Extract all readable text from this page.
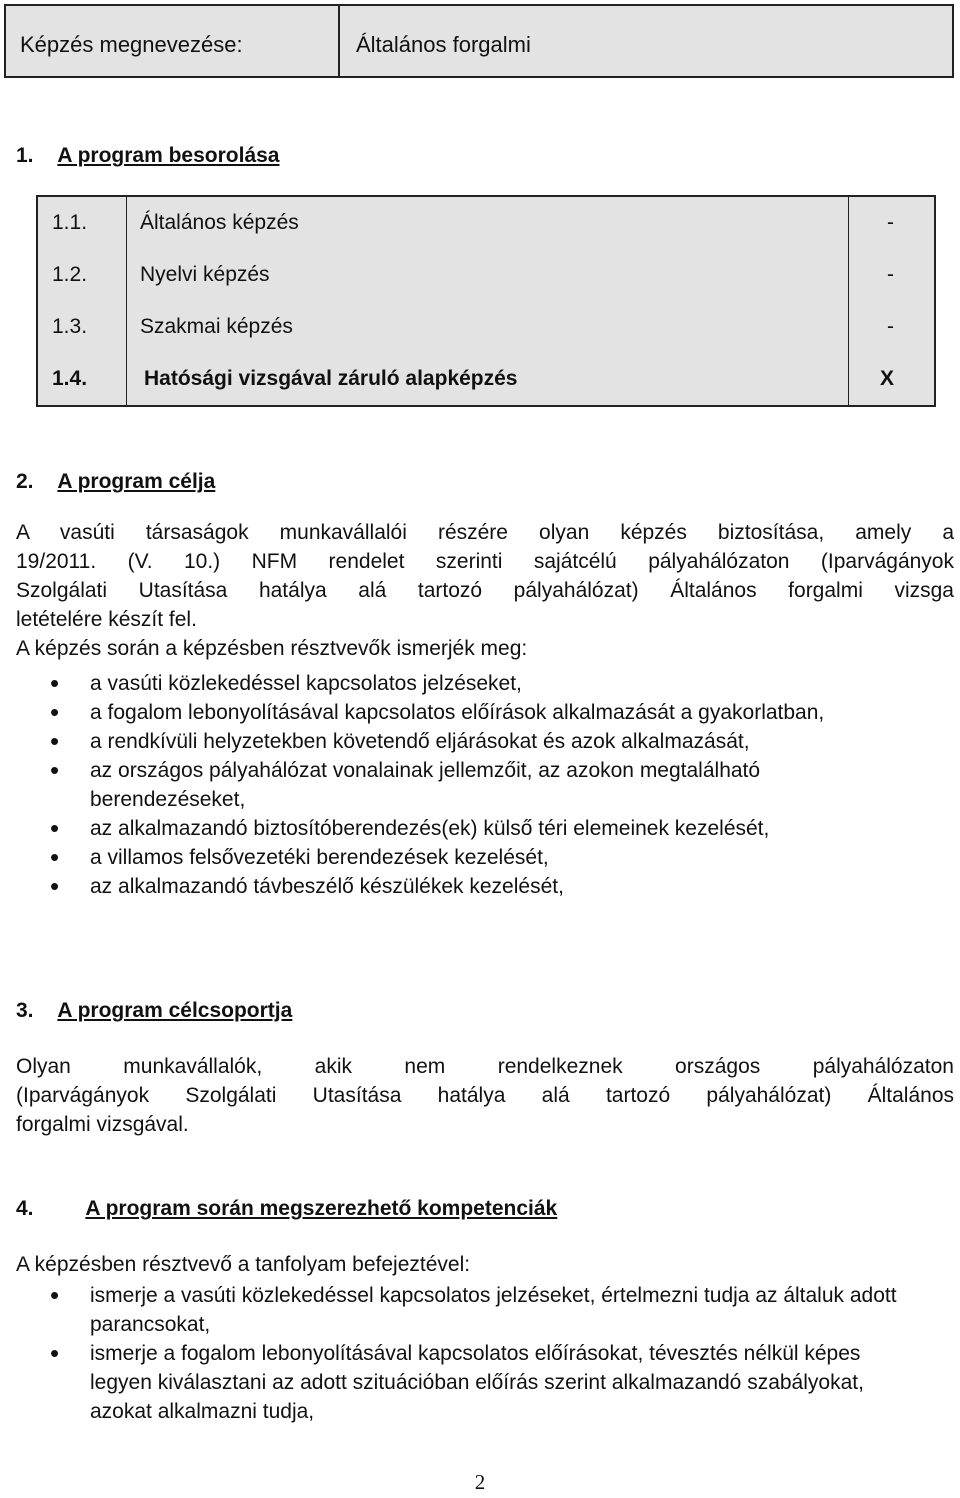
Képzés megnevezése:	Általános forgalmi
1. A program besorolása
1.1.	Általános képzés	-
1.2.	Nyelvi képzés	-
1.3.	Szakmai képzés	-
1.4.	Hatósági vizsgával záruló alapképzés	X
2. A program célja
A vasúti társaságok munkavállalói részére olyan képzés biztosítása, amely a
19/2011. (V. 10.) NFM rendelet szerinti sajátcélú pályahálózaton (Iparvágányok
Szolgálati Utasítása hatálya alá tartozó pályahálózat) Általános forgalmi vizsga
letételére készít fel.
A képzés során a képzésben résztvevők ismerjék meg:
• a vasúti közlekedéssel kapcsolatos jelzéseket,
• a fogalom lebonyolításával kapcsolatos előírások alkalmazását a gyakorlatban,
• a rendkívüli helyzetekben követendő eljárásokat és azok alkalmazását,
• az országos pályahálózat vonalainak jellemzőit, az azokon megtalálható berendezéseket,
• az alkalmazandó biztosítóberendezés(ek) külső téri elemeinek kezelését,
• a villamos felsővezetéki berendezések kezelését,
• az alkalmazandó távbeszélő készülékek kezelését,
3. A program célcsoportja
Olyan munkavállalók, akik nem rendelkeznek országos pályahálózaton
(Iparvágányok Szolgálati Utasítása hatálya alá tartozó pályahálózat) Általános
forgalmi vizsgával.
4. A program során megszerezhető kompetenciák
A képzésben résztvevő a tanfolyam befejeztével:
• ismerje a vasúti közlekedéssel kapcsolatos jelzéseket, értelmezni tudja az általuk adott parancsokat,
• ismerje a fogalom lebonyolításával kapcsolatos előírásokat, tévesztés nélkül képes legyen kiválasztani az adott szituációban előírás szerint alkalmazandó szabályokat, azokat alkalmazni tudja,
2
